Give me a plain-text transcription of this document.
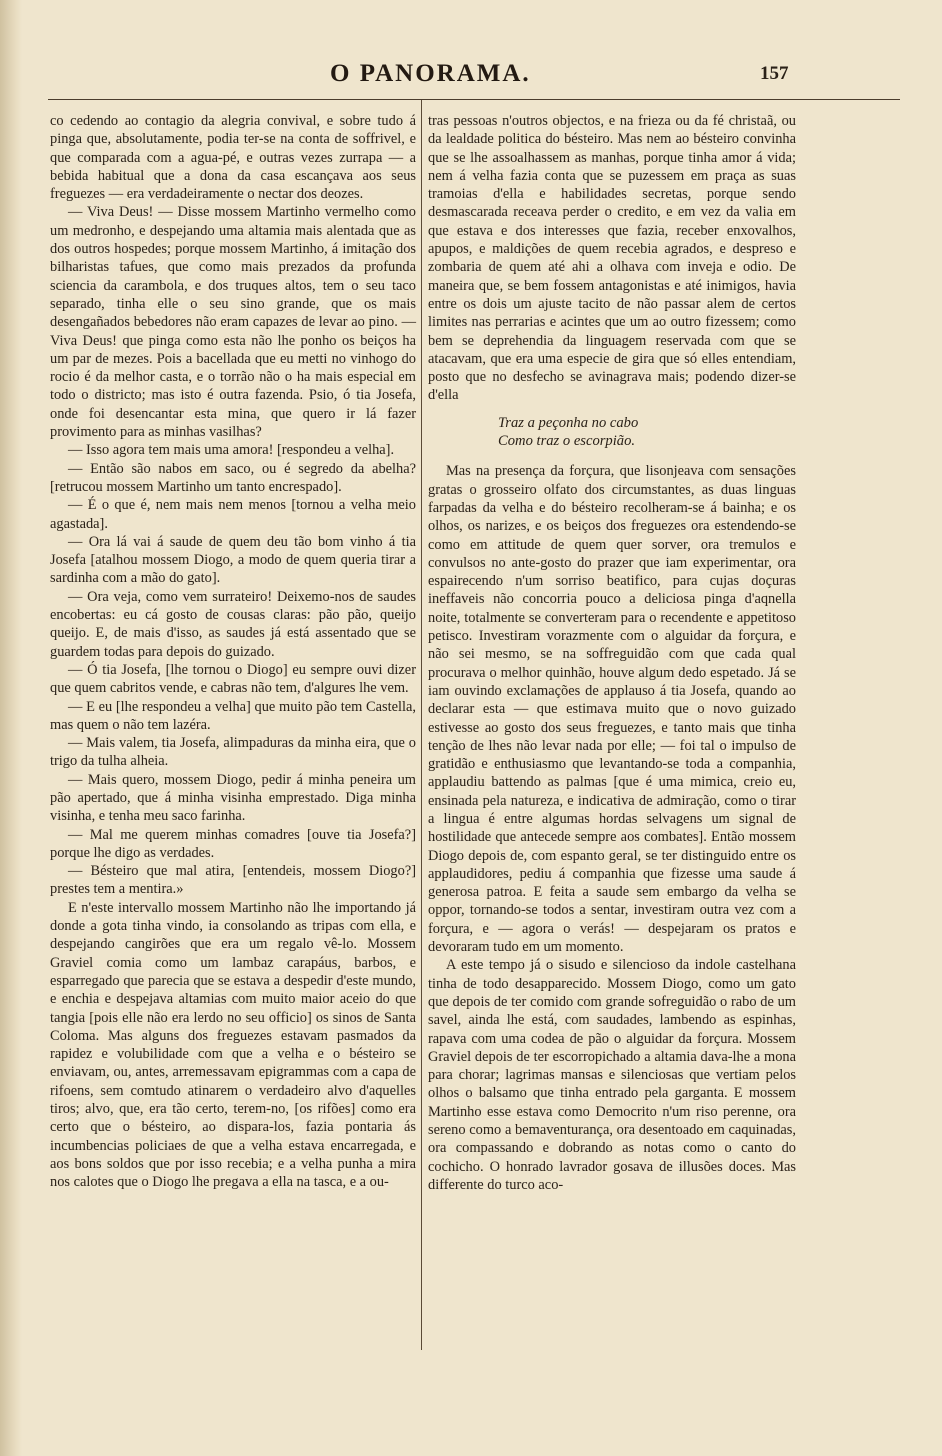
O PANORAMA.	157

co cedendo ao contagio da alegria convival, e sobre tudo á pinga que, absolutamente, podia ter-se na conta de soffrivel, e que comparada com a agua-pé, e outras vezes zurrapa — a bebida habitual que a dona da casa escançava aos seus freguezes — era verdadeiramente o nectar dos deozes.

— Viva Deus! — Disse mossem Martinho vermelho como um medronho, e despejando uma altamia mais alentada que as dos outros hospedes; porque mossem Martinho, á imitação dos bilharistas tafues, que como mais prezados da profunda sciencia da carambola, e dos truques altos, tem o seu taco separado, tinha elle o seu sino grande, que os mais desengañados bebedores não eram capazes de levar ao pino. — Viva Deus! que pinga como esta não lhe ponho os beiços ha um par de mezes. Pois a bacellada que eu metti no vinhogo do rocio é da melhor casta, e o torrão não o ha mais especial em todo o districto; mas isto é outra fazenda. Psio, ó tia Josefa, onde foi desencantar esta mina, que quero ir lá fazer provimento para as minhas vasilhas?

— Isso agora tem mais uma amora! [respondeu a velha].

— Então são nabos em saco, ou é segredo da abelha? [retrucou mossem Martinho um tanto encrespado].

— É o que é, nem mais nem menos [tornou a velha meio agastada].

— Ora lá vai á saude de quem deu tão bom vinho á tia Josefa [atalhou mossem Diogo, a modo de quem queria tirar a sardinha com a mão do gato].

— Ora veja, como vem surrateiro! Deixemo-nos de saudes encobertas: eu cá gosto de cousas claras: pão pão, queijo queijo. E, de mais d'isso, as saudes já está assentado que se guardem todas para depois do guizado.

— Ó tia Josefa, [lhe tornou o Diogo] eu sempre ouvi dizer que quem cabritos vende, e cabras não tem, d'algures lhe vem.

— E eu [lhe respondeu a velha] que muito pão tem Castella, mas quem o não tem lazéra.

— Mais valem, tia Josefa, alimpaduras da minha eira, que o trigo da tulha alheia.

— Mais quero, mossem Diogo, pedir á minha peneira um pão apertado, que á minha visinha emprestado. Diga minha visinha, e tenha meu saco farinha.

— Mal me querem minhas comadres [ouve tia Josefa?] porque lhe digo as verdades.

— Bésteiro que mal atira, [entendeis, mossem Diogo?] prestes tem a mentira.»

E n'este intervallo mossem Martinho não lhe importando já donde a gota tinha vindo, ia consolando as tripas com ella, e despejando cangirões que era um regalo vê-lo. Mossem Graviel comia como um lambaz carapáus, barbos, e esparregado que parecia que se estava a despedir d'este mundo, e enchia e despejava altamias com muito maior aceio do que tangia [pois elle não era lerdo no seu officio] os sinos de Santa Coloma. Mas alguns dos freguezes estavam pasmados da rapidez e volubilidade com que a velha e o bésteiro se enviavam, ou, antes, arremessavam epigrammas com a capa de rifoens, sem comtudo atinarem o verdadeiro alvo d'aquelles tiros; alvo, que, era tão certo, terem-no, [os rifões] como era certo que o bésteiro, ao dispara-los, fazia pontaria ás incumbencias policiaes de que a velha estava encarregada, e aos bons soldos que por isso recebia; e a velha punha a mira nos calotes que o Diogo lhe pregava a ella na tasca, e a ou-

tras pessoas n'outros objectos, e na frieza ou da fé christaã, ou da lealdade politica do bésteiro. Mas nem ao bésteiro convinha que se lhe assoalhassem as manhas, porque tinha amor á vida; nem á velha fazia conta que se puzessem em praça as suas tramoias d'ella e habilidades secretas, porque sendo desmascarada receava perder o credito, e em vez da valia em que estava e dos interesses que fazia, receber enxovalhos, apupos, e maldições de quem recebia agrados, e despreso e zombaria de quem até ahi a olhava com inveja e odio. De maneira que, se bem fossem antagonistas e até inimigos, havia entre os dois um ajuste tacito de não passar alem de certos limites nas perrarias e acintes que um ao outro fizessem; como bem se deprehendia da linguagem reservada com que se atacavam, que era uma especie de gira que só elles entendiam, posto que no desfecho se avinagrava mais; podendo dizer-se d'ella

Traz a peçonha no cabo
Como traz o escorpião.

Mas na presença da forçura, que lisonjeava com sensações gratas o grosseiro olfato dos circumstantes, as duas linguas farpadas da velha e do bésteiro recolheram-se á bainha; e os olhos, os narizes, e os beiços dos freguezes ora estendendo-se como em attitude de quem quer sorver, ora tremulos e convulsos no ante-gosto do prazer que iam experimentar, ora espairecendo n'um sorriso beatifico, para cujas doçuras ineffaveis não concorria pouco a deliciosa pinga d'aqnella noite, totalmente se converteram para o recendente e appetitoso petisco. Investiram vorazmente com o alguidar da forçura, e não sei mesmo, se na soffreguidão com que cada qual procurava o melhor quinhão, houve algum dedo espetado. Já se iam ouvindo exclamações de applauso á tia Josefa, quando ao declarar esta — que estimava muito que o novo guizado estivesse ao gosto dos seus freguezes, e tanto mais que tinha tenção de lhes não levar nada por elle; — foi tal o impulso de gratidão e enthusiasmo que levantando-se toda a companhia, applaudiu battendo as palmas [que é uma mimica, creio eu, ensinada pela natureza, e indicativa de admiração, como o tirar a lingua é entre algumas hordas selvagens um signal de hostilidade que antecede sempre aos combates]. Então mossem Diogo depois de, com espanto geral, se ter distinguido entre os applaudidores, pediu á companhia que fizesse uma saude á generosa patroa. E feita a saude sem embargo da velha se oppor, tornando-se todos a sentar, investiram outra vez com a forçura, e — agora o verás! — despejaram os pratos e devoraram tudo em um momento.

A este tempo já o sisudo e silencioso da indole castelhana tinha de todo desapparecido. Mossem Diogo, como um gato que depois de ter comido com grande sofreguidão o rabo de um savel, ainda lhe está, com saudades, lambendo as espinhas, rapava com uma codea de pão o alguidar da forçura. Mossem Graviel depois de ter escorropichado a altamia dava-lhe a mona para chorar; lagrimas mansas e silenciosas que vertiam pelos olhos o balsamo que tinha entrado pela garganta. E mossem Martinho esse estava como Democrito n'um riso perenne, ora sereno como a bemaventurança, ora desentoado em caquinadas, ora compassando e dobrando as notas como o canto do cochicho. O honrado lavrador gosava de illusões doces. Mas differente do turco aco-
